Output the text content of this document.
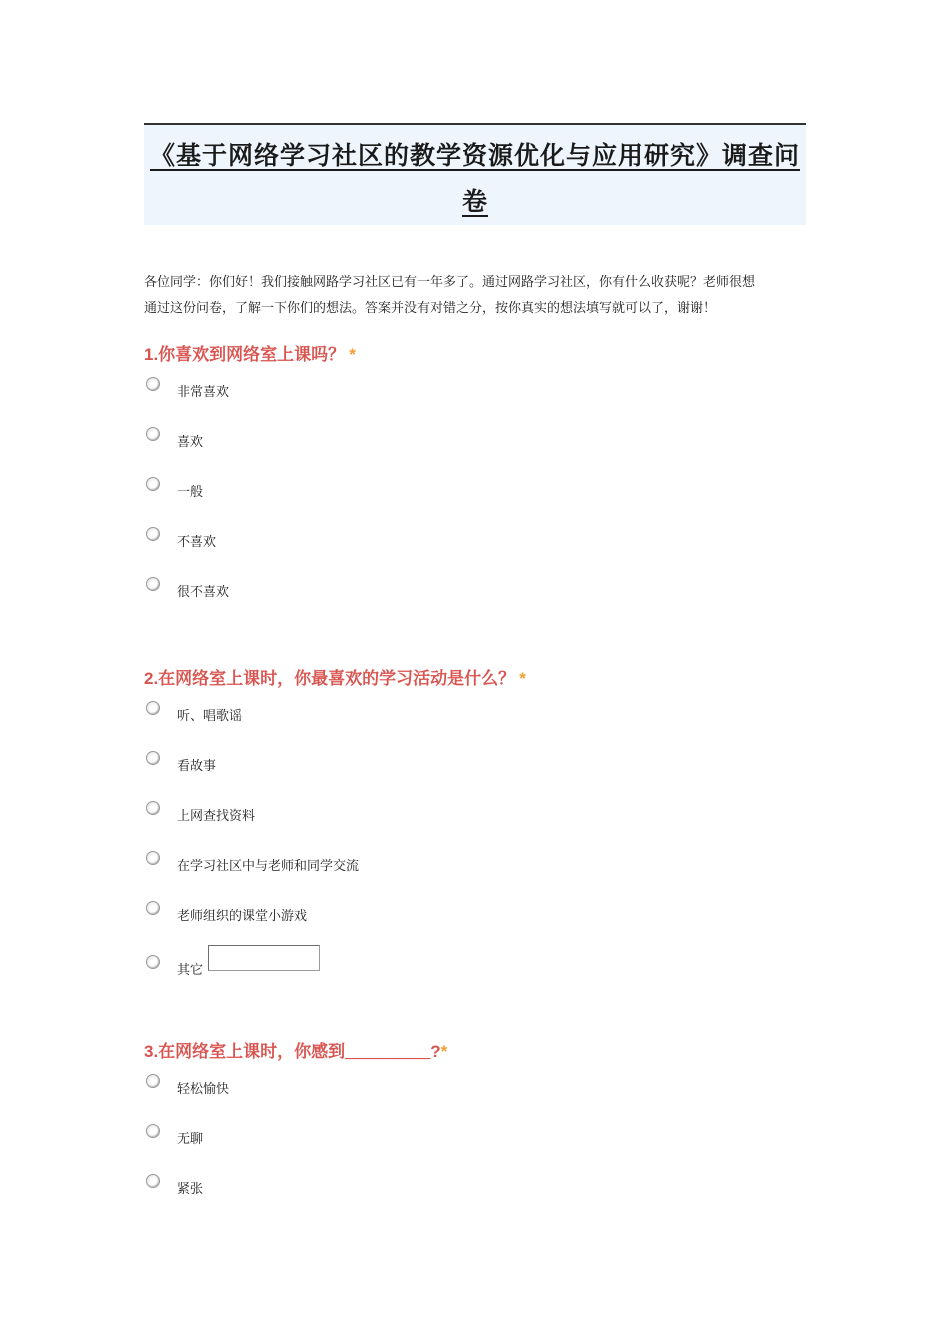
《基于网络学习社区的教学资源优化与应用研究》调查问卷

各位同学：你们好！我们接触网路学习社区已有一年多了。通过网路学习社区，你有什么收获呢？老师很想
通过这份问卷，了解一下你们的想法。答案并没有对错之分，按你真实的想法填写就可以了，谢谢！

1.你喜欢到网络室上课吗？ *
非常喜欢
喜欢
一般
不喜欢
很不喜欢
2.在网络室上课时，你最喜欢的学习活动是什么？ *
听、唱歌谣
看故事
上网查找资料
在学习社区中与老师和同学交流
老师组织的课堂小游戏
其它
3.在网络室上课时，你感到_________?*
轻松愉快
无聊
紧张
